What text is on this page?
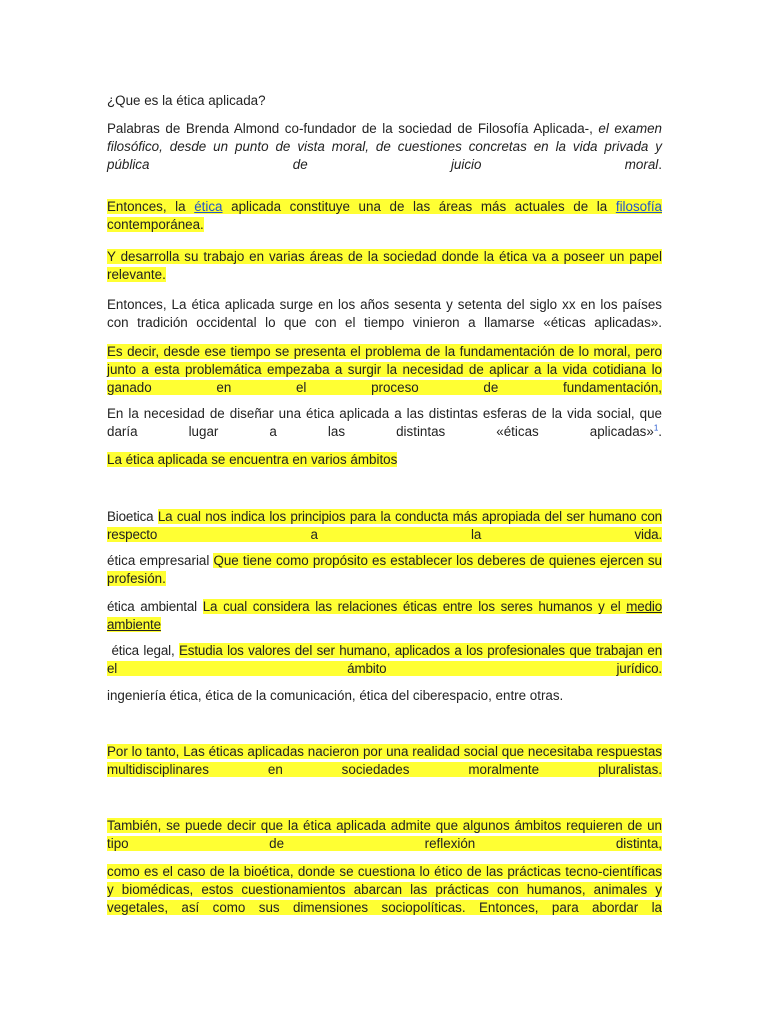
¿Que es la ética aplicada?

Palabras de Brenda Almond co-fundador de la sociedad de Filosofía Aplicada-, el examen filosófico, desde un punto de vista moral, de cuestiones concretas en la vida privada y pública de juicio moral.

Entonces, la ética aplicada constituye una de las áreas más actuales de la filosofía contemporánea.

Y desarrolla su trabajo en varias áreas de la sociedad donde la ética va a poseer un papel relevante.

Entonces, La ética aplicada surge en los años sesenta y setenta del siglo xx en los países con tradición occidental lo que con el tiempo vinieron a llamarse «éticas aplicadas».

Es decir, desde ese tiempo se presenta el problema de la fundamentación de lo moral, pero junto a esta problemática empezaba a surgir la necesidad de aplicar a la vida cotidiana lo ganado en el proceso de fundamentación,

En la necesidad de diseñar una ética aplicada a las distintas esferas de la vida social, que daría lugar a las distintas «éticas aplicadas»$^1$.

La ética aplicada se encuentra en varios ámbitos

Bioetica La cual nos indica los principios para la conducta más apropiada del ser humano con respecto a la vida.

ética empresarial Que tiene como propósito es establecer los deberes de quienes ejercen su profesión.

ética ambiental La cual considera las relaciones éticas entre los seres humanos y el medio ambiente

ética legal, Estudia los valores del ser humano, aplicados a los profesionales que trabajan en el ámbito jurídico.

ingeniería ética, ética de la comunicación, ética del ciberespacio, entre otras.

Por lo tanto, Las éticas aplicadas nacieron por una realidad social que necesitaba respuestas multidisciplinares en sociedades moralmente pluralistas.

También, se puede decir que la ética aplicada admite que algunos ámbitos requieren de un tipo de reflexión distinta,

como es el caso de la bioética, donde se cuestiona lo ético de las prácticas tecno-científicas y biomédicas, estos cuestionamientos abarcan las prácticas con humanos, animales y vegetales, así como sus dimensiones sociopolíticas. Entonces, para abordar la
